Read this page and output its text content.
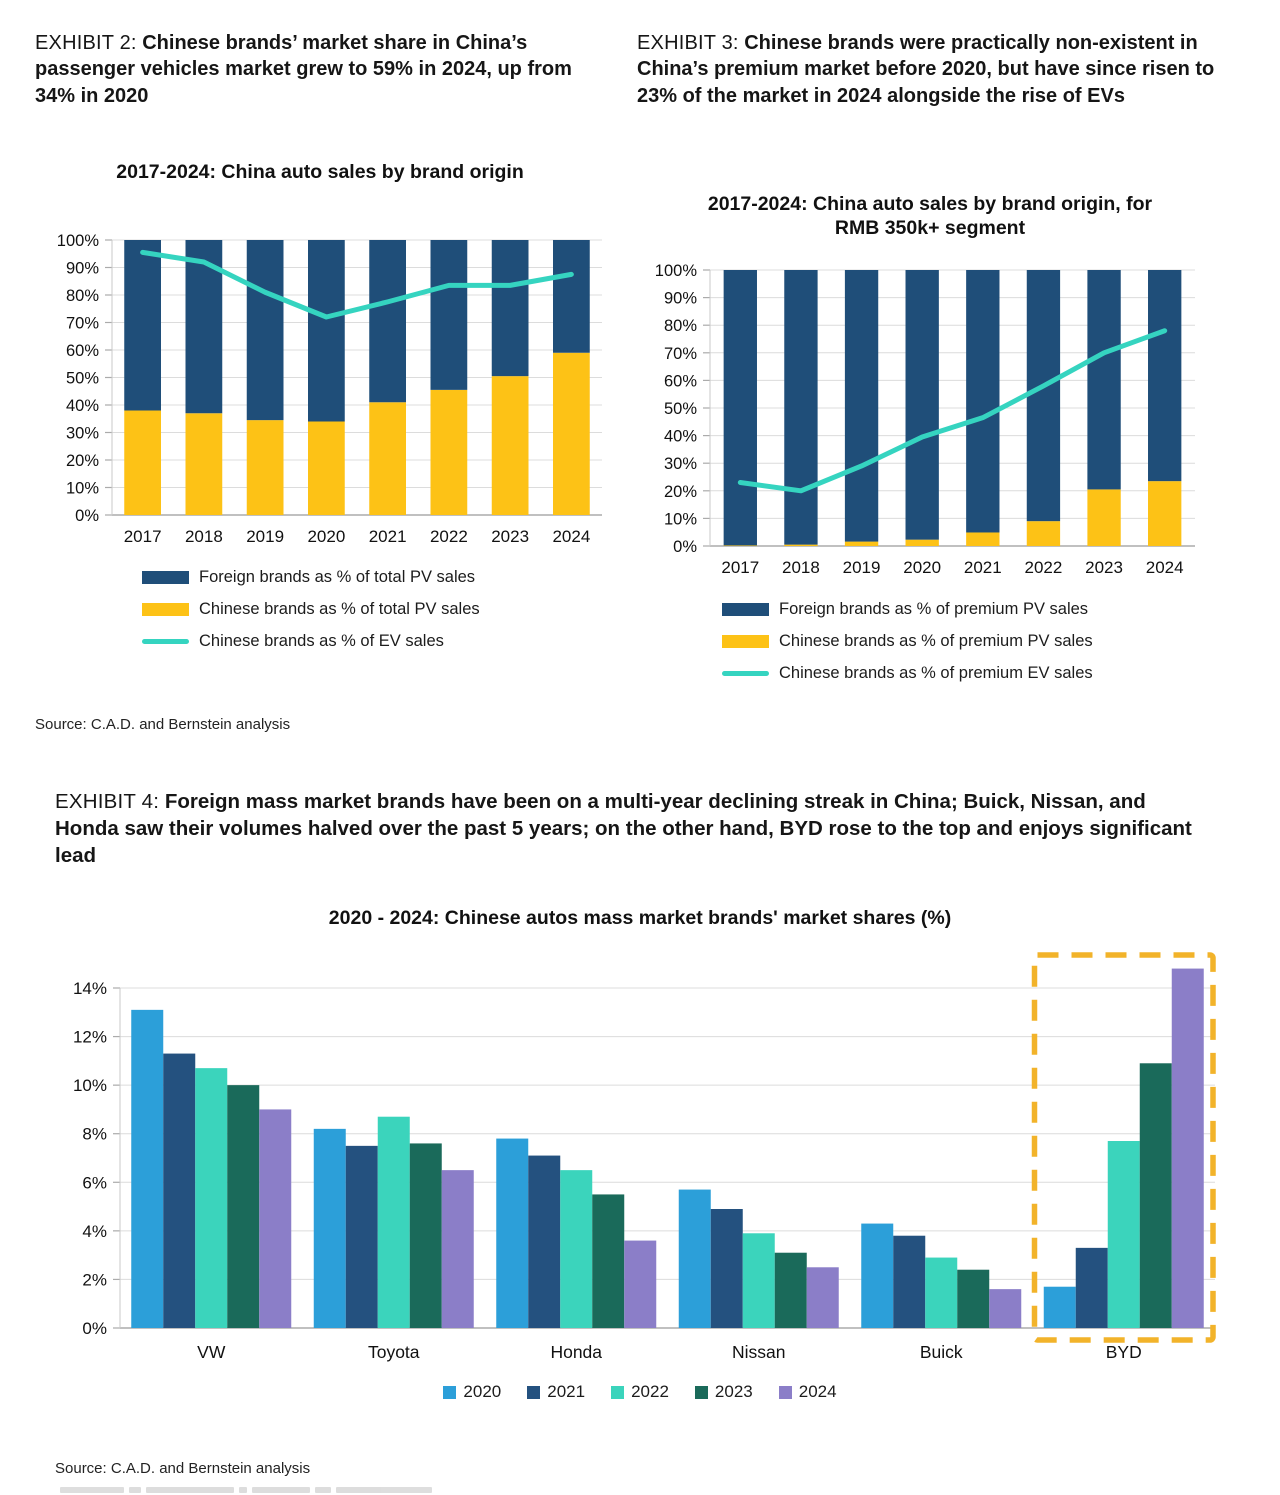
EXHIBIT 2: Chinese brands’ market share in China’s passenger vehicles market grew to 59% in 2024, up from 34% in 2020
EXHIBIT 3: Chinese brands were practically non-existent in China’s premium market before 2020, but have since risen to 23% of the market in 2024 alongside the rise of EVs
2017-2024: China auto sales by brand origin
0%
10%
20%
30%
40%
50%
60%
70%
80%
90%
100%
2017 2018 2019 2020 2021 2022 2023 2024
Foreign brands as % of total PV sales
Chinese brands as % of total PV sales
Chinese brands as % of EV sales
Source: C.A.D. and Bernstein analysis
2017-2024: China auto sales by brand origin, for RMB 350k+ segment
0%
10%
20%
30%
40%
50%
60%
70%
80%
90%
100%
2017 2018 2019 2020 2021 2022 2023 2024
Foreign brands as % of premium PV sales
Chinese brands as % of premium PV sales
Chinese brands as % of premium EV sales
EXHIBIT 4: Foreign mass market brands have been on a multi-year declining streak in China; Buick, Nissan, and Honda saw their volumes halved over the past 5 years; on the other hand, BYD rose to the top and enjoys significant lead
2020 - 2024: Chinese autos mass market brands' market shares (%)
0%
2%
4%
6%
8%
10%
12%
14%
VW	Toyota	Honda	Nissan	Buick	BYD
2020	2021	2022	2023	2024
Source: C.A.D. and Bernstein analysis
